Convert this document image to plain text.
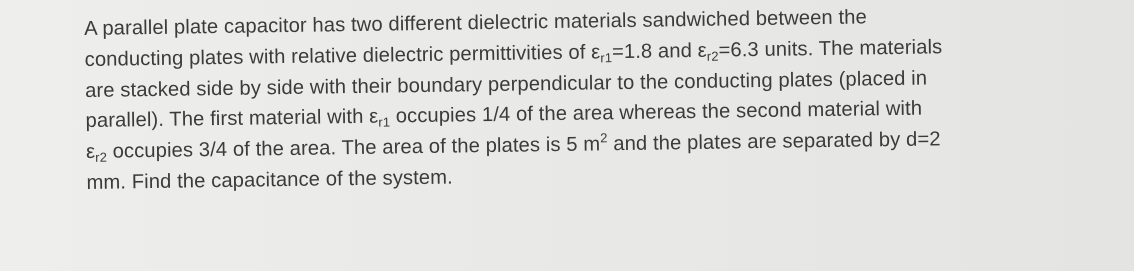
A parallel plate capacitor has two different dielectric materials sandwiched between the
conducting plates with relative dielectric permittivities of $\varepsilon_{r1}=1.8$ and $\varepsilon_{r2}=6.3$ units. The materials
are stacked side by side with their boundary perpendicular to the conducting plates (placed in
parallel). The first material with $\varepsilon_{r1}$ occupies 1/4 of the area whereas the second material with
$\varepsilon_{r2}$ occupies 3/4 of the area. The area of the plates is 5 $m^2$ and the plates are separated by d=2
mm. Find the capacitance of the system.
